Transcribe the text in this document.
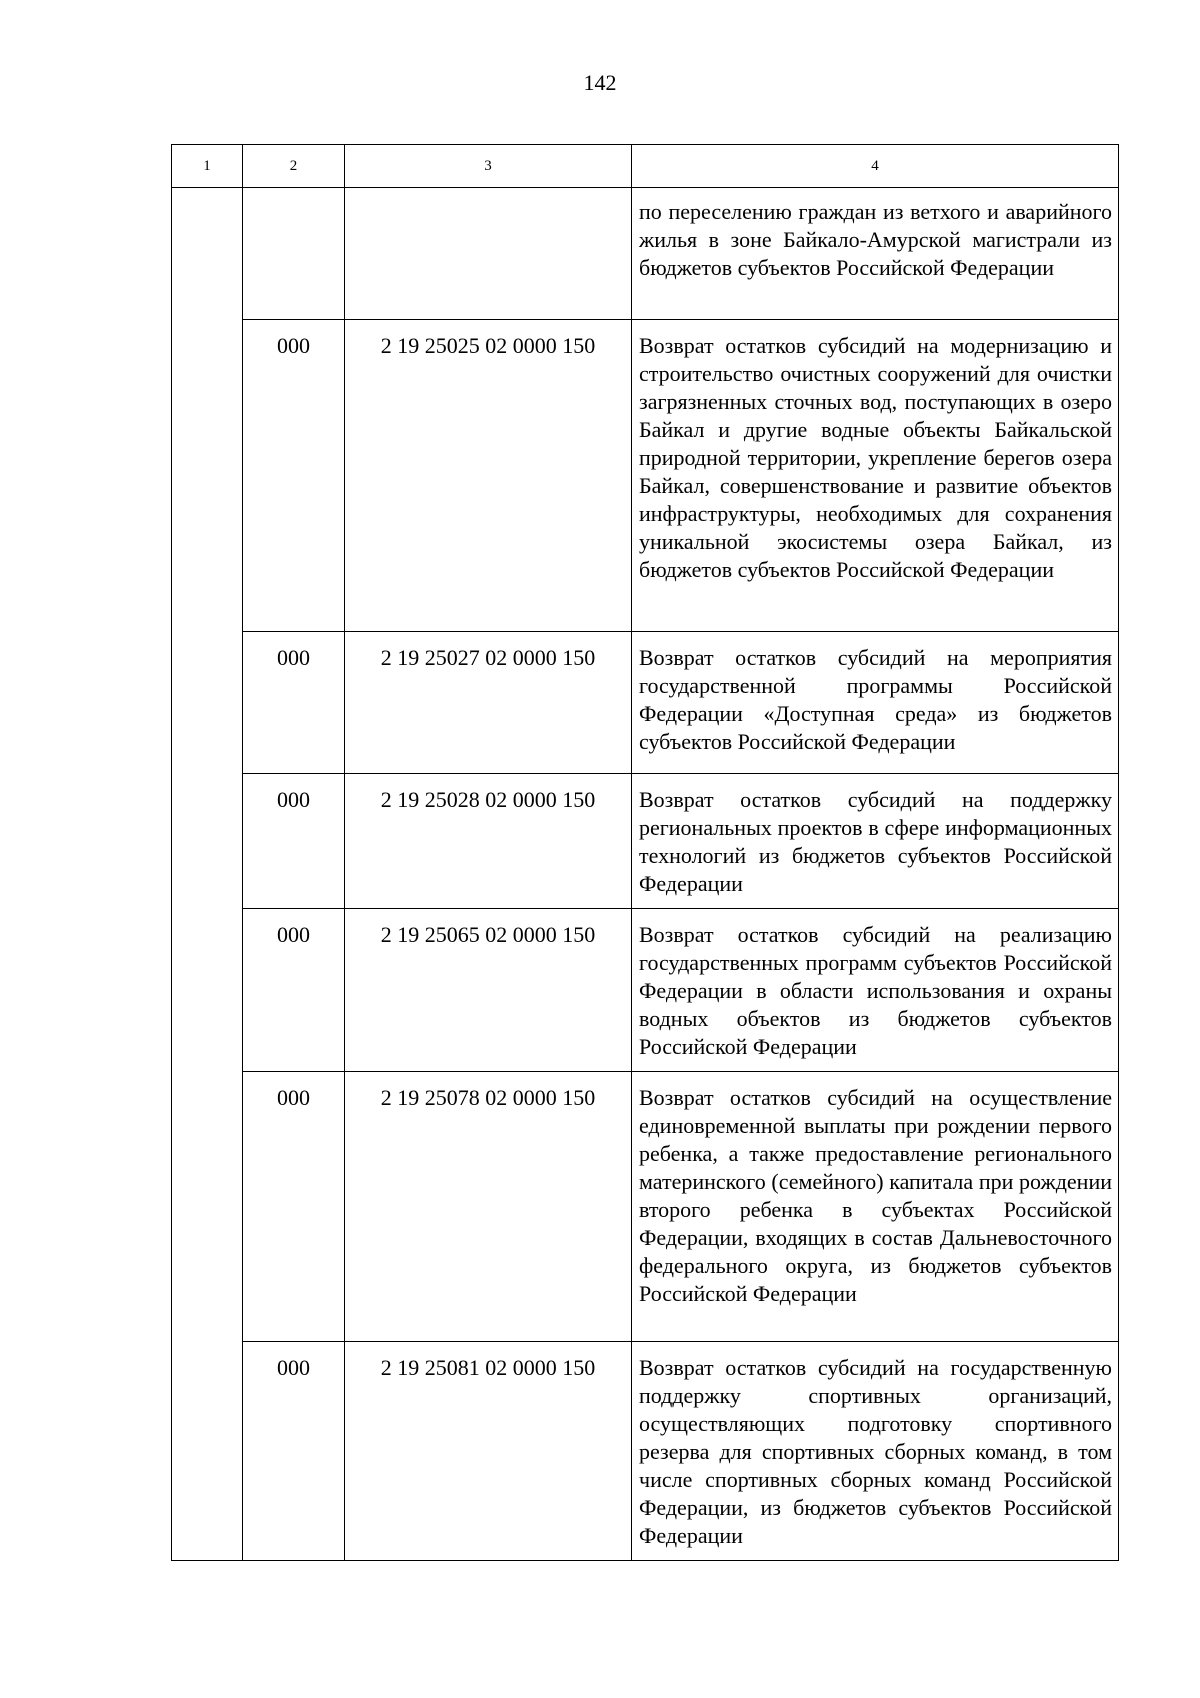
142
1	2	3	4
			по переселению граждан из ветхого и аварийного жилья в зоне Байкало-Амурской магистрали из бюджетов субъектов Российской Федерации
	000	2 19 25025 02 0000 150	Возврат остатков субсидий на модернизацию и строительство очистных сооружений для очистки загрязненных сточных вод, поступающих в озеро Байкал и другие водные объекты Байкальской природной территории, укрепление берегов озера Байкал, совершенствование и развитие объектов инфраструктуры, необходимых для сохранения уникальной экосистемы озера Байкал, из бюджетов субъектов Российской Федерации
	000	2 19 25027 02 0000 150	Возврат остатков субсидий на мероприятия государственной программы Российской Федерации «Доступная среда» из бюджетов субъектов Российской Федерации
	000	2 19 25028 02 0000 150	Возврат остатков субсидий на поддержку региональных проектов в сфере информационных технологий из бюджетов субъектов Российской Федерации
	000	2 19 25065 02 0000 150	Возврат остатков субсидий на реализацию государственных программ субъектов Российской Федерации в области использования и охраны водных объектов из бюджетов субъектов Российской Федерации
	000	2 19 25078 02 0000 150	Возврат остатков субсидий на осуществление единовременной выплаты при рождении первого ребенка, а также предоставление регионального материнского (семейного) капитала при рождении второго ребенка в субъектах Российской Федерации, входящих в состав Дальневосточного федерального округа, из бюджетов субъектов Российской Федерации
	000	2 19 25081 02 0000 150	Возврат остатков субсидий на государственную поддержку спортивных организаций, осуществляющих подготовку спортивного резерва для спортивных сборных команд, в том числе спортивных сборных команд Российской Федерации, из бюджетов субъектов Российской Федерации
